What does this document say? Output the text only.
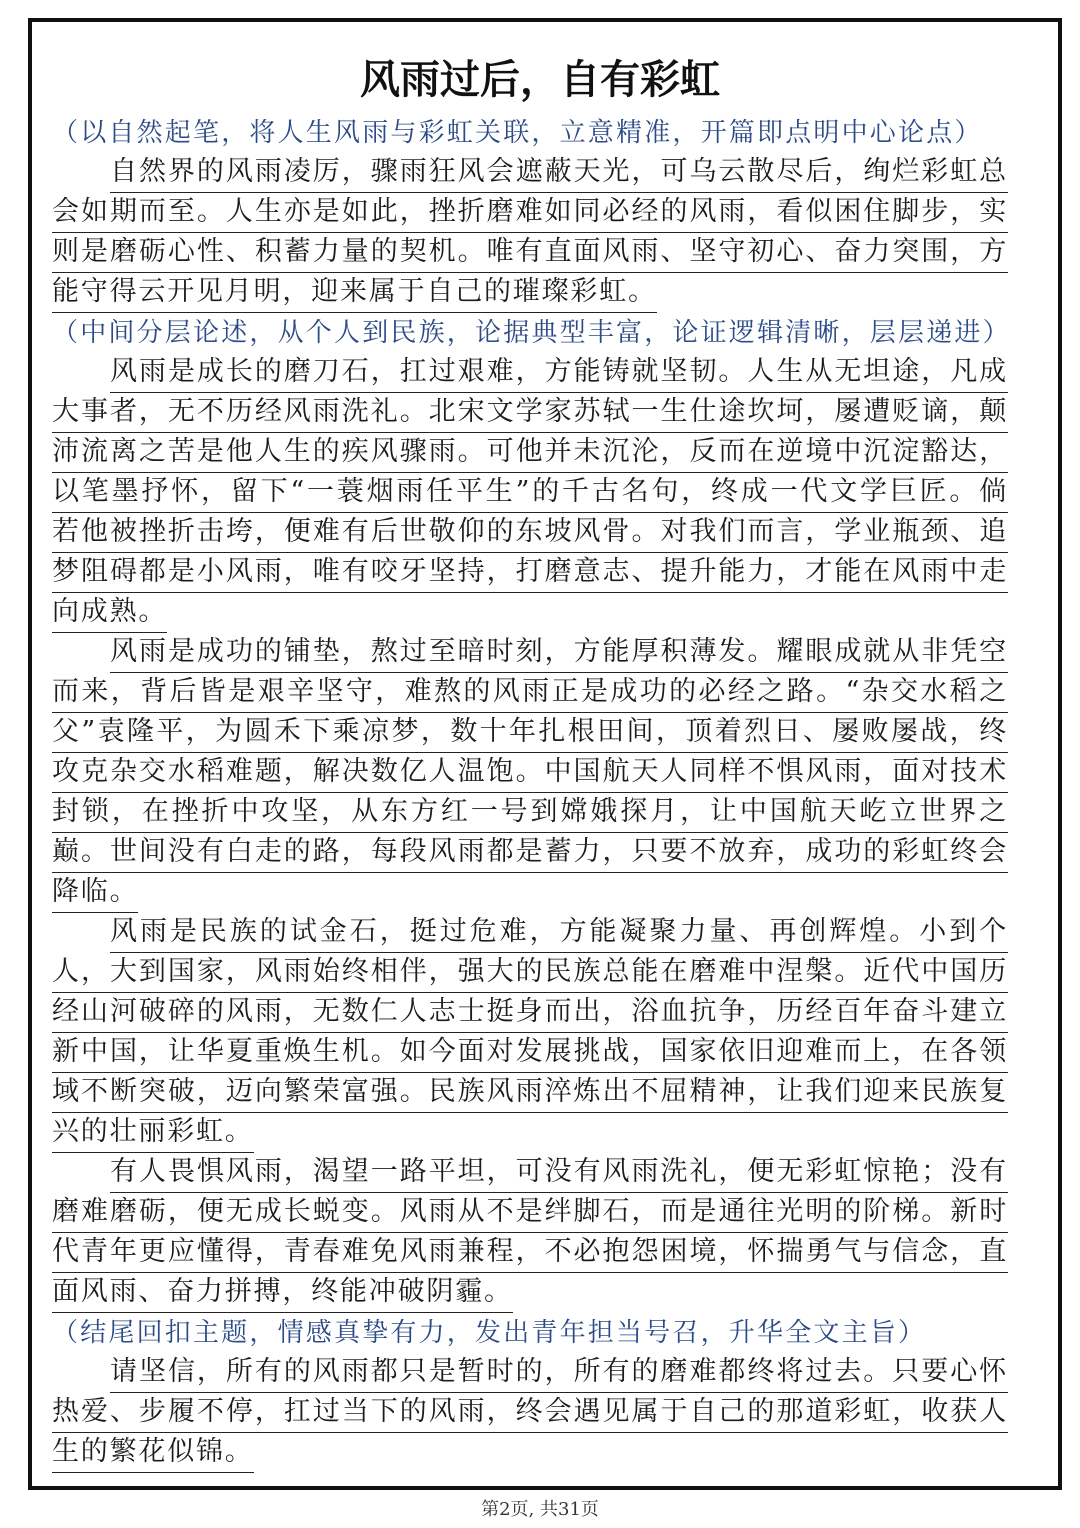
风雨过后，自有彩虹
（以自然起笔，将人生风雨与彩虹关联，立意精准，开篇即点明中心论点）
自然界的风雨凌厉，骤雨狂风会遮蔽天光，可乌云散尽后，绚烂彩虹总
会如期而至。人生亦是如此，挫折磨难如同必经的风雨，看似困住脚步，实
则是磨砺心性、积蓄力量的契机。唯有直面风雨、坚守初心、奋力突围，方
能守得云开见月明，迎来属于自己的璀璨彩虹。
（中间分层论述，从个人到民族，论据典型丰富，论证逻辑清晰，层层递进）
风雨是成长的磨刀石，扛过艰难，方能铸就坚韧。人生从无坦途，凡成
大事者，无不历经风雨洗礼。北宋文学家苏轼一生仕途坎坷，屡遭贬谪，颠
沛流离之苦是他人生的疾风骤雨。可他并未沉沦，反而在逆境中沉淀豁达，
以笔墨抒怀，留下“一蓑烟雨任平生”的千古名句，终成一代文学巨匠。倘
若他被挫折击垮，便难有后世敬仰的东坡风骨。对我们而言，学业瓶颈、追
梦阻碍都是小风雨，唯有咬牙坚持，打磨意志、提升能力，才能在风雨中走
向成熟。
风雨是成功的铺垫，熬过至暗时刻，方能厚积薄发。耀眼成就从非凭空
而来，背后皆是艰辛坚守，难熬的风雨正是成功的必经之路。“杂交水稻之
父”袁隆平，为圆禾下乘凉梦，数十年扎根田间，顶着烈日、屡败屡战，终
攻克杂交水稻难题，解决数亿人温饱。中国航天人同样不惧风雨，面对技术
封锁，在挫折中攻坚，从东方红一号到嫦娥探月，让中国航天屹立世界之
巅。世间没有白走的路，每段风雨都是蓄力，只要不放弃，成功的彩虹终会
降临。
风雨是民族的试金石，挺过危难，方能凝聚力量、再创辉煌。小到个
人，大到国家，风雨始终相伴，强大的民族总能在磨难中涅槃。近代中国历
经山河破碎的风雨，无数仁人志士挺身而出，浴血抗争，历经百年奋斗建立
新中国，让华夏重焕生机。如今面对发展挑战，国家依旧迎难而上，在各领
域不断突破，迈向繁荣富强。民族风雨淬炼出不屈精神，让我们迎来民族复
兴的壮丽彩虹。
有人畏惧风雨，渴望一路平坦，可没有风雨洗礼，便无彩虹惊艳；没有
磨难磨砺，便无成长蜕变。风雨从不是绊脚石，而是通往光明的阶梯。新时
代青年更应懂得，青春难免风雨兼程，不必抱怨困境，怀揣勇气与信念，直
面风雨、奋力拼搏，终能冲破阴霾。
（结尾回扣主题，情感真挚有力，发出青年担当号召，升华全文主旨）
请坚信，所有的风雨都只是暂时的，所有的磨难都终将过去。只要心怀
热爱、步履不停，扛过当下的风雨，终会遇见属于自己的那道彩虹，收获人
生的繁花似锦。
第2页, 共31页
